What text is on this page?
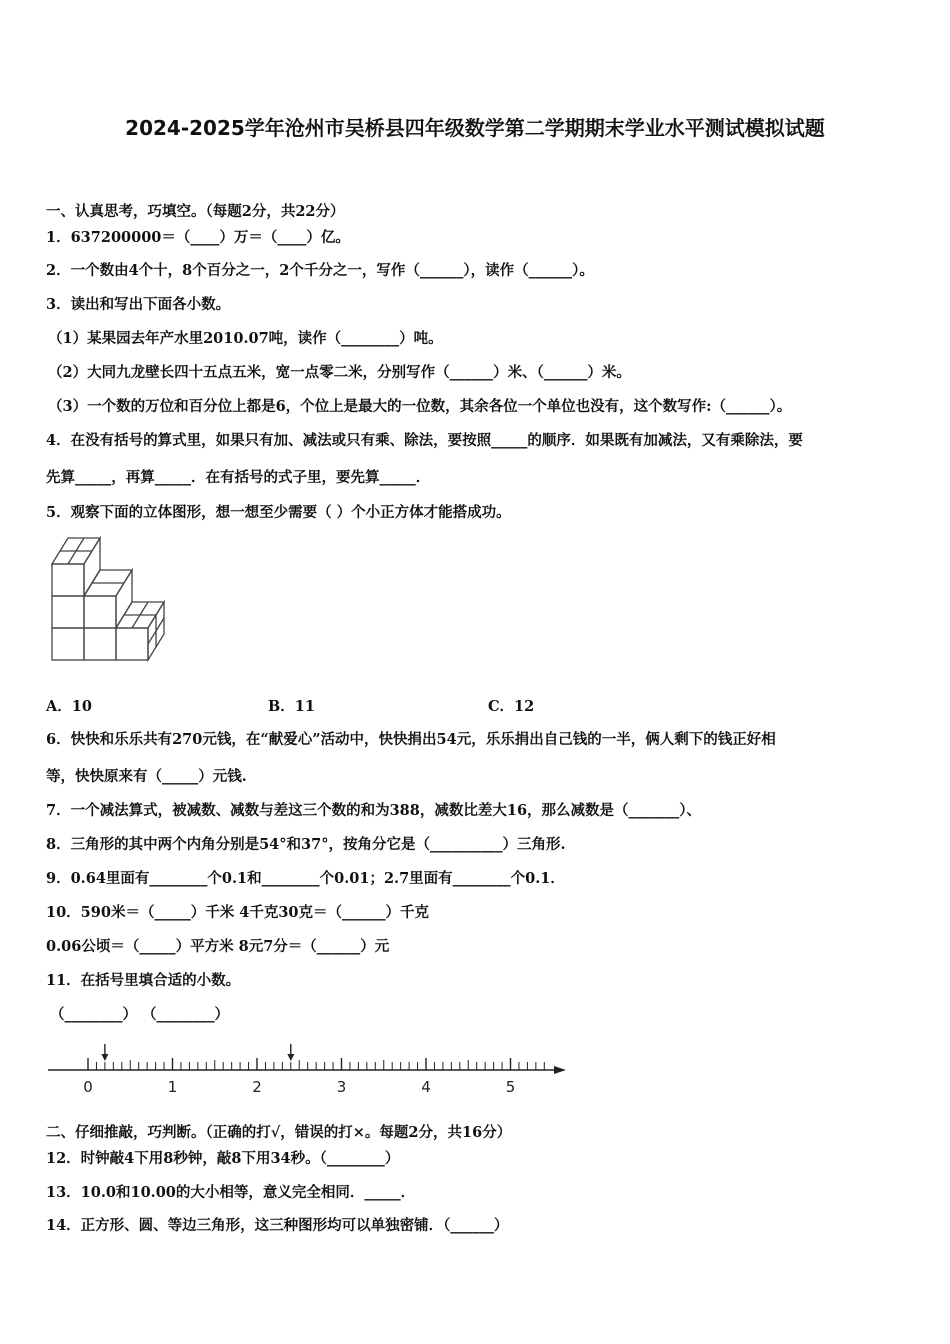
2024-2025学年沧州市吴桥县四年级数学第二学期期末学业水平测试模拟试题
一、认真思考，巧填空。（每题2分，共22分）
1．637200000＝（____）万＝（____）亿。
2．一个数由4个十，8个百分之一，2个千分之一，写作（______），读作（______）。
3．读出和写出下面各小数。
（1）某果园去年产水里2010.07吨，读作（________）吨。
（2）大同九龙壁长四十五点五米，宽一点零二米，分别写作（______）米、（______）米。
（3）一个数的万位和百分位上都是6，个位上是最大的一位数，其余各位一个单位也没有，这个数写作:（______）。
4．在没有括号的算式里，如果只有加、减法或只有乘、除法，要按照_____的顺序．如果既有加减法，又有乘除法，要
先算_____，再算_____．在有括号的式子里，要先算_____．
5．观察下面的立体图形，想一想至少需要（ ）个小正方体才能搭成功。
A．10	B．11	C．12
6．快快和乐乐共有270元钱，在“献爱心”活动中，快快捐出54元，乐乐捐出自己钱的一半，俩人剩下的钱正好相
等，快快原来有（_____）元钱.
7．一个减法算式，被减数、减数与差这三个数的和为388，减数比差大16，那么减数是（_______）、
8．三角形的其中两个内角分别是54°和37°，按角分它是（__________）三角形.
9．0.64里面有________个0.1和________个0.01；2.7里面有________个0.1．
10．590米＝（_____）千米 4千克30克＝（______）千克
0.06公顷＝（_____）平方米 8元7分＝（______）元
11．在括号里填合适的小数。
（________） （________）
0	1	2	3	4	5
二、仔细推敲，巧判断。（正确的打√，错误的打×。每题2分，共16分）
12．时钟敲4下用8秒钟，敲8下用34秒。（________）
13．10.0和10.00的大小相等，意义完全相同．_____．
14．正方形、圆、等边三角形，这三种图形均可以单独密铺．（______）
